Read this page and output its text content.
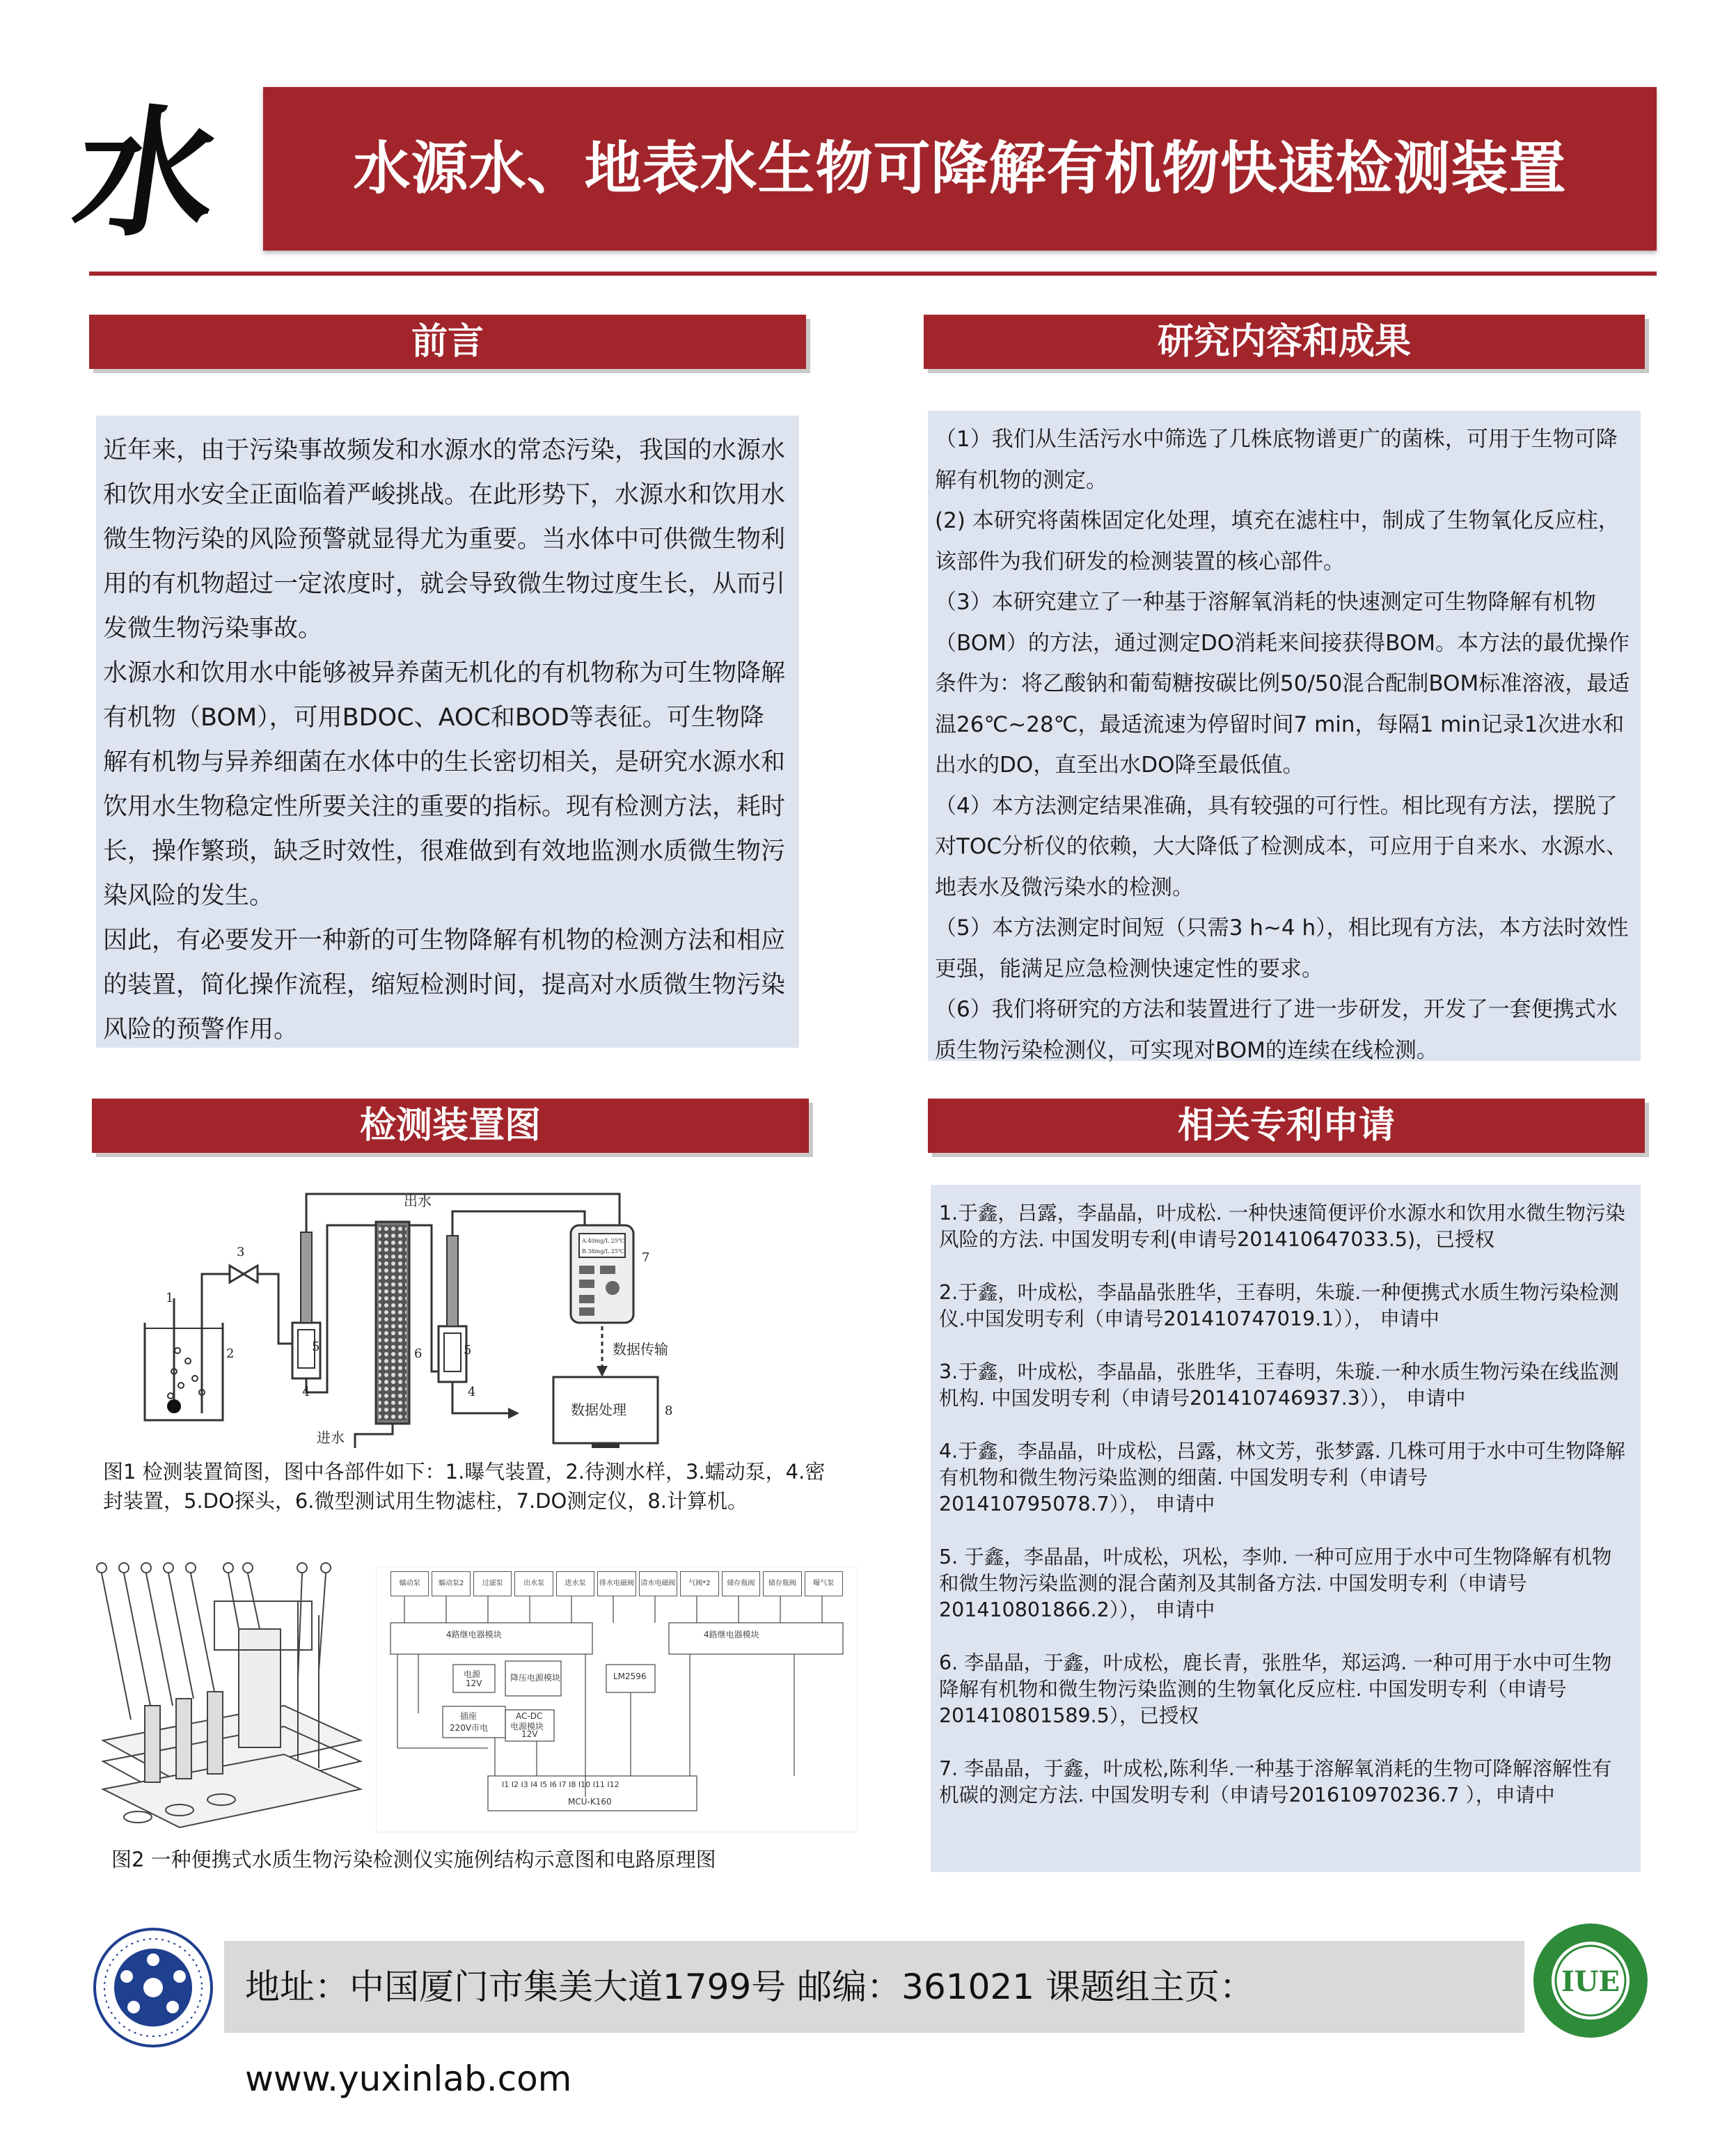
水	水源水、地表水生物可降解有机物快速检测装置
前言

近年来，由于污染事故频发和水源水的常态污染，我国的水源水和饮用水安全正面临着严峻挑战。在此形势下，水源水和饮用水微生物污染的风险预警就显得尤为重要。当水体中可供微生物利用的有机物超过一定浓度时，就会导致微生物过度生长，从而引发微生物污染事故。

水源水和饮用水中能够被异养菌无机化的有机物称为可生物降解有机物（BOM），可用BDOC、AOC和BOD等表征。可生物降解有机物与异养细菌在水体中的生长密切相关，是研究水源水和饮用水生物稳定性所要关注的重要的指标。现有检测方法，耗时长，操作繁琐，缺乏时效性，很难做到有效地监测水质微生物污染风险的发生。

因此，有必要发开一种新的可生物降解有机物的检测方法和相应的装置，简化操作流程，缩短检测时间，提高对水质微生物污染风险的预警作用。

研究内容和成果

（1）我们从生活污水中筛选了几株底物谱更广的菌株，可用于生物可降解有机物的测定。

(2) 本研究将菌株固定化处理，填充在滤柱中，制成了生物氧化反应柱，该部件为我们研发的检测装置的核心部件。

（3）本研究建立了一种基于溶解氧消耗的快速测定可生物降解有机物（BOM）的方法，通过测定DO消耗来间接获得BOM。本方法的最优操作条件为：将乙酸钠和葡萄糖按碳比例50/50混合配制BOM标准溶液，最适温26℃~28℃，最适流速为停留时间7 min，每隔1 min记录1次进水和出水的DO，直至出水DO降至最低值。

（4）本方法测定结果准确，具有较强的可行性。相比现有方法，摆脱了对TOC分析仪的依赖，大大降低了检测成本，可应用于自来水、水源水、地表水及微污染水的检测。

（5）本方法测定时间短（只需3 h~4 h），相比现有方法，本方法时效性更强，能满足应急检测快速定性的要求。

（6）我们将研究的方法和装置进行了进一步研发，开发了一套便携式水质生物污染检测仪，可实现对BOM的连续在线检测。

检测装置图
A.40mg/L 25℃
B.38mg/L 25℃
1
2
3
5
4
6	5
4
7
8
出水
进水
数据传输
数据处理
图1 检测装置简图，图中各部件如下：1.曝气装置，2.待测水样，3.蠕动泵，4.密封装置，5.DO探头，6.微型测试用生物滤柱，7.DO测定仪，8.计算机。
蠕动泵	蠕动泵2	过滤泵	出水泵	进水泵	排水电磁阀 清水电磁阀	气阀*2	储存瓶阀	储存瓶阀	曝气泵
4路继电器模块	4路继电器模块
电源
12V
降压电源模块	LM2596
插座
220V市电
AC-DC
电源模块
12V
I1 I2 I3 I4 I5 I6 I7 I8 I10 I11 I12
MCU-K160
图2 一种便携式水质生物污染检测仪实施例结构示意图和电路原理图
相关专利申请

1.于鑫，吕露，李晶晶，叶成松. 一种快速简便评价水源水和饮用水微生物污染风险的方法. 中国发明专利(申请号201410647033.5)，已授权

2.于鑫，叶成松，李晶晶张胜华，王春明，朱璇.一种便携式水质生物污染检测仪.中国发明专利（申请号201410747019.1））， 申请中

3.于鑫，叶成松，李晶晶，张胜华，王春明，朱璇.一种水质生物污染在线监测机构. 中国发明专利（申请号201410746937.3））， 申请中

4.于鑫，李晶晶，叶成松，吕露，林文芳，张梦露. 几株可用于水中可生物降解有机物和微生物污染监测的细菌. 中国发明专利（申请号201410795078.7））， 申请中

5. 于鑫，李晶晶，叶成松，巩松，李帅. 一种可应用于水中可生物降解有机物和微生物污染监测的混合菌剂及其制备方法. 中国发明专利（申请号201410801866.2））， 申请中

6. 李晶晶，于鑫，叶成松，鹿长青，张胜华，郑运鸿. 一种可用于水中可生物降解有机物和微生物污染监测的生物氧化反应柱. 中国发明专利（申请号201410801589.5），已授权

7. 李晶晶，于鑫，叶成松,陈利华.一种基于溶解氧消耗的生物可降解溶解性有机碳的测定方法. 中国发明专利（申请号201610970236.7 ），申请中

地址：中国厦门市集美大道1799号 邮编：361021 课题组主页：www.yuxinlab.com
IUE
